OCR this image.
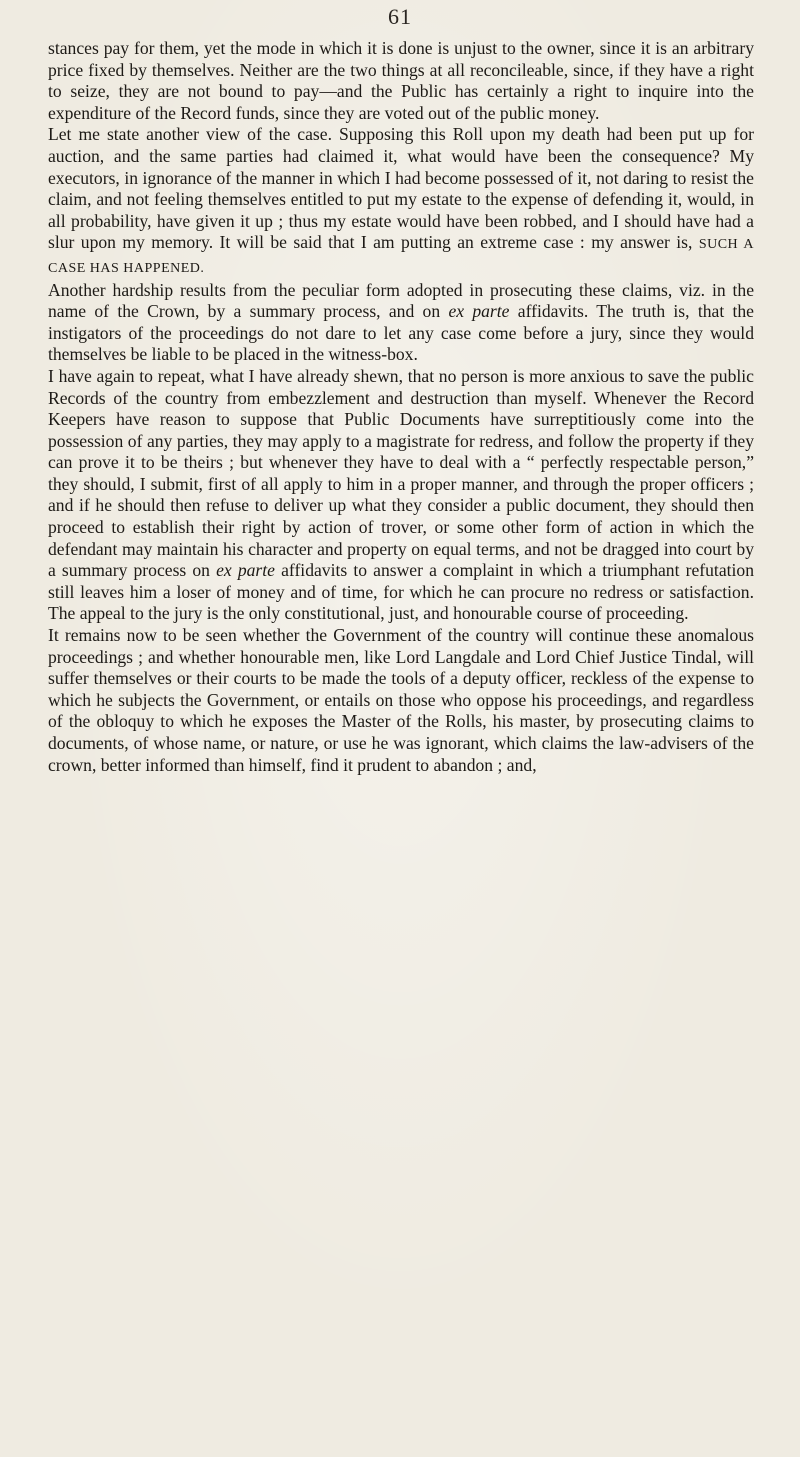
61

stances pay for them, yet the mode in which it is done is unjust to the owner, since it is an arbitrary price fixed by themselves. Neither are the two things at all reconcileable, since, if they have a right to seize, they are not bound to pay—and the Public has certainly a right to inquire into the expenditure of the Record funds, since they are voted out of the public money.

Let me state another view of the case. Supposing this Roll upon my death had been put up for auction, and the same parties had claimed it, what would have been the consequence? My executors, in ignorance of the manner in which I had become possessed of it, not daring to resist the claim, and not feeling themselves entitled to put my estate to the expense of defending it, would, in all probability, have given it up ; thus my estate would have been robbed, and I should have had a slur upon my memory. It will be said that I am putting an extreme case : my answer is, SUCH A CASE HAS HAPPENED.

Another hardship results from the peculiar form adopted in prosecuting these claims, viz. in the name of the Crown, by a summary process, and on ex parte affidavits. The truth is, that the instigators of the proceedings do not dare to let any case come before a jury, since they would themselves be liable to be placed in the witness-box.

I have again to repeat, what I have already shewn, that no person is more anxious to save the public Records of the country from embezzlement and destruction than myself. Whenever the Record Keepers have reason to suppose that Public Documents have surreptitiously come into the possession of any parties, they may apply to a magistrate for redress, and follow the property if they can prove it to be theirs ; but whenever they have to deal with a “ perfectly respectable person,” they should, I submit, first of all apply to him in a proper manner, and through the proper officers ; and if he should then refuse to deliver up what they consider a public document, they should then proceed to establish their right by action of trover, or some other form of action in which the defendant may maintain his character and property on equal terms, and not be dragged into court by a summary process on ex parte affidavits to answer a complaint in which a triumphant refutation still leaves him a loser of money and of time, for which he can procure no redress or satisfaction. The appeal to the jury is the only constitutional, just, and honourable course of proceeding.

It remains now to be seen whether the Government of the country will continue these anomalous proceedings ; and whether honourable men, like Lord Langdale and Lord Chief Justice Tindal, will suffer themselves or their courts to be made the tools of a deputy officer, reckless of the expense to which he subjects the Government, or entails on those who oppose his proceedings, and regardless of the obloquy to which he exposes the Master of the Rolls, his master, by prosecuting claims to documents, of whose name, or nature, or use he was ignorant, which claims the law-advisers of the crown, better informed than himself, find it prudent to abandon ; and,
